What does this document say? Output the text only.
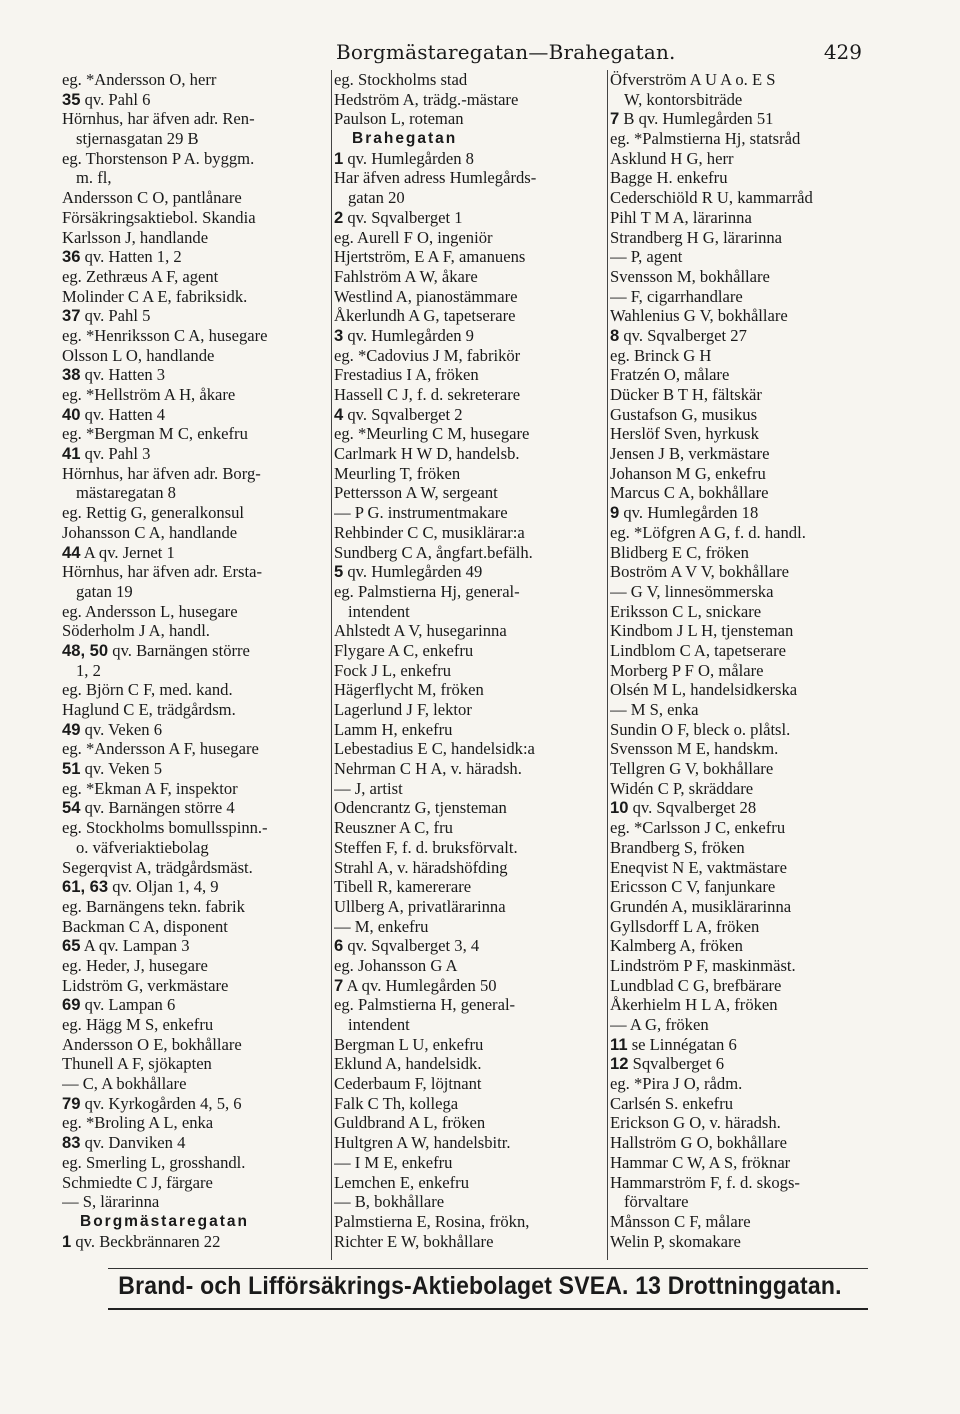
Borgmästaregatan—Brahegatan.	429
eg. *Andersson O, herr
35 qv. Pahl 6
Hörnhus, har äfven adr. Ren-
stjernasgatan 29 B
eg. Thorstenson P A. byggm.
m. fl,
Andersson C O, pantlånare
Försäkringsaktiebol. Skandia
Karlsson J, handlande
36 qv. Hatten 1, 2
eg. Zethræus A F, agent
Molinder C A E, fabriksidk.
37 qv. Pahl 5
eg. *Henriksson C A, husegare
Olsson L O, handlande
38 qv. Hatten 3
eg. *Hellström A H, åkare
40 qv. Hatten 4
eg. *Bergman M C, enkefru
41 qv. Pahl 3
Hörnhus, har äfven adr. Borg-
mästaregatan 8
eg. Rettig G, generalkonsul
Johansson C A, handlande
44 A qv. Jernet 1
Hörnhus, har äfven adr. Ersta-
gatan 19
eg. Andersson L, husegare
Söderholm J A, handl.
48, 50 qv. Barnängen större
1, 2
eg. Björn C F, med. kand.
Haglund C E, trädgårdsm.
49 qv. Veken 6
eg. *Andersson A F, husegare
51 qv. Veken 5
eg. *Ekman A F, inspektor
54 qv. Barnängen större 4
eg. Stockholms bomullsspinn.-
o. väfveriaktiebolag
Segerqvist A, trädgårdsmäst.
61, 63 qv. Oljan 1, 4, 9
eg. Barnängens tekn. fabrik
Backman C A, disponent
65 A qv. Lampan 3
eg. Heder, J, husegare
Lidström G, verkmästare
69 qv. Lampan 6
eg. Hägg M S, enkefru
Andersson O E, bokhållare
Thunell A F, sjökapten
— C, A bokhållare
79 qv. Kyrkogården 4, 5, 6
eg. *Broling A L, enka
83 qv. Danviken 4
eg. Smerling L, grosshandl.
Schmiedte C J, färgare
— S, lärarinna
Borgmästaregatan
1 qv. Beckbrännaren 22
eg. Stockholms stad
Hedström A, trädg.-mästare
Paulson L, roteman
Brahegatan
1 qv. Humlegården 8
Har äfven adress Humlegårds-
gatan 20
2 qv. Sqvalberget 1
eg. Aurell F O, ingeniör
Hjertström, E A F, amanuens
Fahlström A W, åkare
Westlind A, pianostämmare
Åkerlundh A G, tapetserare
3 qv. Humlegården 9
eg. *Cadovius J M, fabrikör
Frestadius I A, fröken
Hassell C J, f. d. sekreterare
4 qv. Sqvalberget 2
eg. *Meurling C M, husegare
Carlmark H W D, handelsb.
Meurling T, fröken
Pettersson A W, sergeant
— P G. instrumentmakare
Rehbinder C C, musiklärar:a
Sundberg C A, ångfart.befälh.
5 qv. Humlegården 49
eg. Palmstierna Hj, general-
intendent
Ahlstedt A V, husegarinna
Flygare A C, enkefru
Fock J L, enkefru
Hägerflycht M, fröken
Lagerlund J F, lektor
Lamm H, enkefru
Lebestadius E C, handelsidk:a
Nehrman C H A, v. häradsh.
— J, artist
Odencrantz G, tjensteman
Reuszner A C, fru
Steffen F, f. d. bruksförvalt.
Strahl A, v. häradshöfding
Tibell R, kamererare
Ullberg A, privatlärarinna
— M, enkefru
6 qv. Sqvalberget 3, 4
eg. Johansson G A
7 A qv. Humlegården 50
eg. Palmstierna H, general-
intendent
Bergman L U, enkefru
Eklund A, handelsidk.
Cederbaum F, löjtnant
Falk C Th, kollega
Guldbrand A L, fröken
Hultgren A W, handelsbitr.
— I M E, enkefru
Lemchen E, enkefru
— B, bokhållare
Palmstierna E, Rosina, frökn,
Richter E W, bokhållare
Öfverström A U A o. E S
W, kontorsbiträde
7 B qv. Humlegården 51
eg. *Palmstierna Hj, statsråd
Asklund H G, herr
Bagge H. enkefru
Cederschiöld R U, kammarråd
Pihl T M A, lärarinna
Strandberg H G, lärarinna
— P, agent
Svensson M, bokhållare
— F, cigarrhandlare
Wahlenius G V, bokhållare
8 qv. Sqvalberget 27
eg. Brinck G H
Fratzén O, målare
Dücker B T H, fältskär
Gustafson G, musikus
Herslöf Sven, hyrkusk
Jensen J B, verkmästare
Johanson M G, enkefru
Marcus C A, bokhållare
9 qv. Humlegården 18
eg. *Löfgren A G, f. d. handl.
Blidberg E C, fröken
Boström A V V, bokhållare
— G V, linnesömmerska
Eriksson C L, snickare
Kindbom J L H, tjensteman
Lindblom C A, tapetserare
Morberg P F O, målare
Olsén M L, handelsidkerska
— M S, enka
Sundin O F, bleck o. plåtsl.
Svensson M E, handskm.
Tellgren G V, bokhållare
Widén C P, skräddare
10 qv. Sqvalberget 28
eg. *Carlsson J C, enkefru
Brandberg S, fröken
Eneqvist N E, vaktmästare
Ericsson C V, fanjunkare
Grundén A, musiklärarinna
Gyllsdorff L A, fröken
Kalmberg A, fröken
Lindström P F, maskinmäst.
Lundblad C G, brefbärare
Åkerhielm H L A, fröken
— A G, fröken
11 se Linnégatan 6
12 Sqvalberget 6
eg. *Pira J O, rådm.
Carlsén S. enkefru
Erickson G O, v. häradsh.
Hallström G O, bokhållare
Hammar C W, A S, fröknar
Hammarström F, f. d. skogs-
förvaltare
Månsson C F, målare
Welin P, skomakare
Brand- och Lifförsäkrings-Aktiebolaget SVEA. 13 Drottninggatan.
